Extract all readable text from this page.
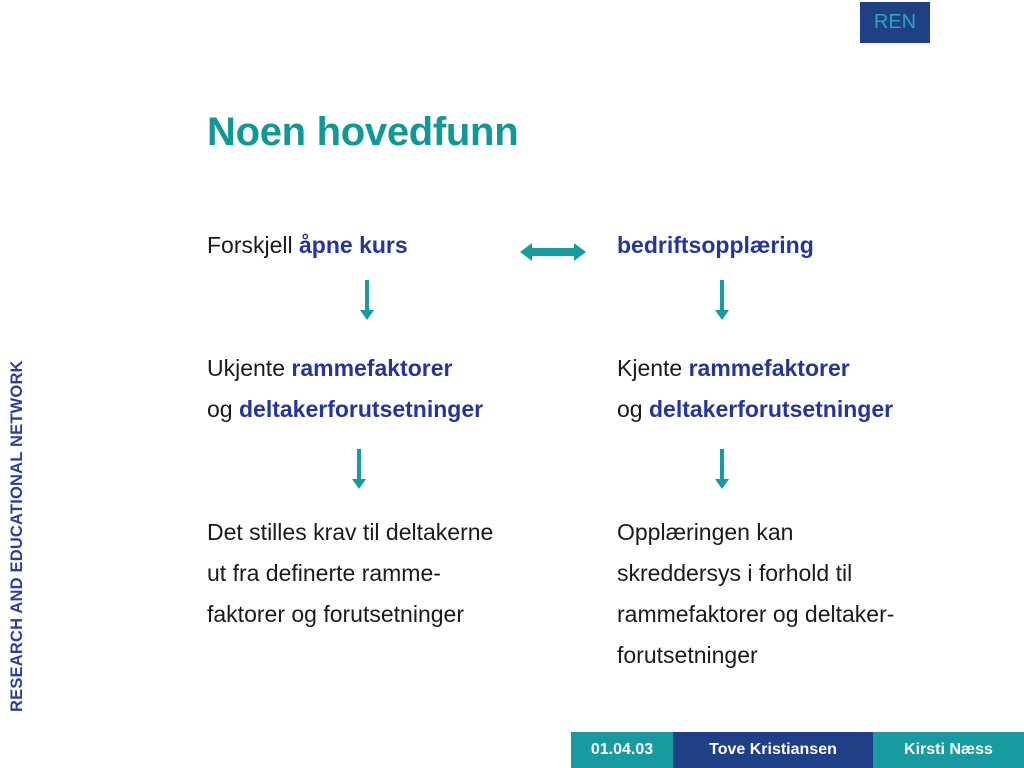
REN
RESEARCH AND EDUCATIONAL NETWORK
Noen hovedfunn
Forskjell åpne kurs	bedriftsopplæring
Ukjente rammefaktorer
og deltakerforutsetninger
Kjente rammefaktorer
og deltakerforutsetninger
Det stilles krav til deltakerne
ut fra definerte ramme-
faktorer og forutsetninger
Opplæringen kan
skreddersys i forhold til
rammefaktorer og deltaker-
forutsetninger
01.04.03	Tove Kristiansen	Kirsti Næss
